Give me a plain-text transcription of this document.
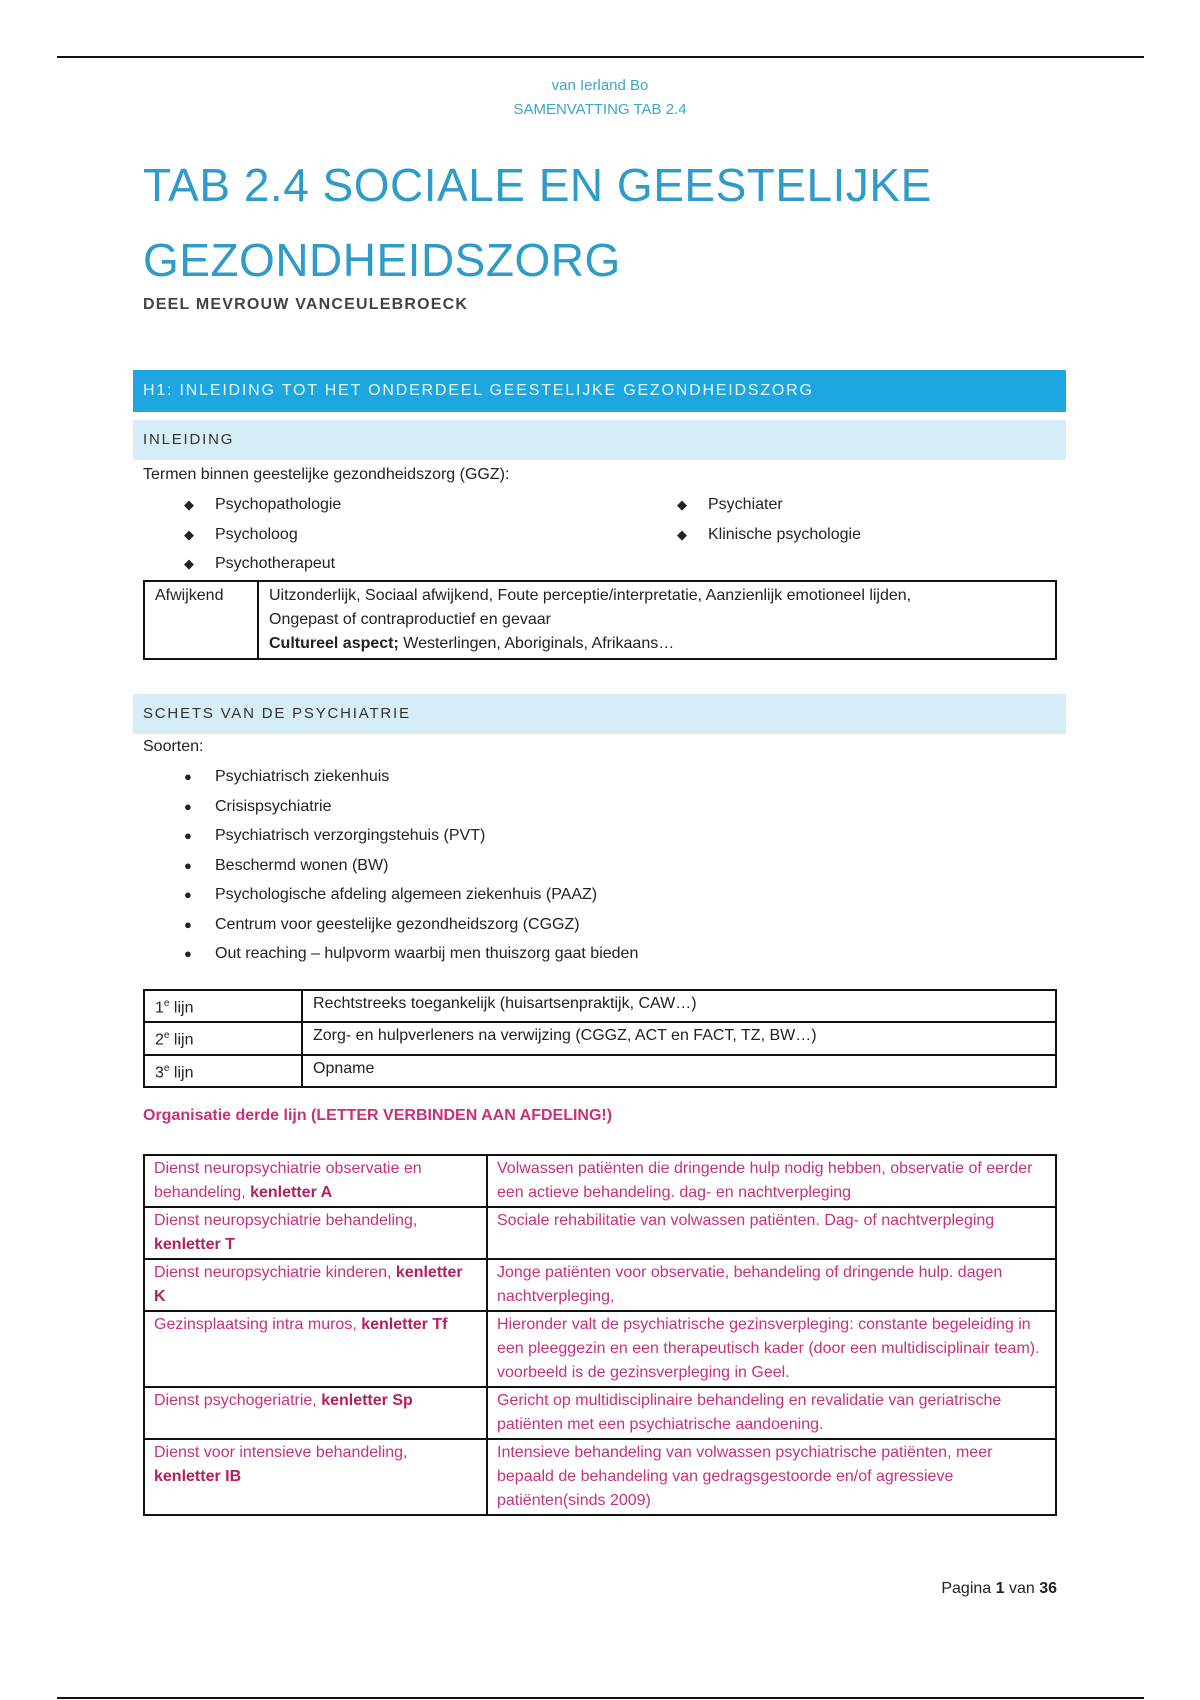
van Ierland Bo
SAMENVATTING TAB 2.4
TAB 2.4 SOCIALE EN GEESTELIJKE
GEZONDHEIDSZORG
DEEL MEVROUW VANCEULEBROECK
H1: INLEIDING TOT HET ONDERDEEL GEESTELIJKE GEZONDHEIDSZORG
INLEIDING
Termen binnen geestelijke gezondheidszorg (GGZ):
◆ Psychopathologie
◆ Psycholoog
◆ Psychotherapeut
◆ Psychiater
◆ Klinische psychologie
Afwijkend	Uitzonderlijk, Sociaal afwijkend, Foute perceptie/interpretatie, Aanzienlijk emotioneel lijden,
Ongepast of contraproductief en gevaar
Cultureel aspect; Westerlingen, Aboriginals, Afrikaans…
SCHETS VAN DE PSYCHIATRIE
Soorten:
● Psychiatrisch ziekenhuis
● Crisispsychiatrie
● Psychiatrisch verzorgingstehuis (PVT)
● Beschermd wonen (BW)
● Psychologische afdeling algemeen ziekenhuis (PAAZ)
● Centrum voor geestelijke gezondheidszorg (CGGZ)
● Out reaching – hulpvorm waarbij men thuiszorg gaat bieden
1e lijn	Rechtstreeks toegankelijk (huisartsenpraktijk, CAW…)
2e lijn	Zorg- en hulpverleners na verwijzing (CGGZ, ACT en FACT, TZ, BW…)
3e lijn	Opname
Organisatie derde lijn (LETTER VERBINDEN AAN AFDELING!)
Dienst neuropsychiatrie observatie en behandeling, kenletter A	Volwassen patiënten die dringende hulp nodig hebben, observatie of eerder een actieve behandeling. dag- en nachtverpleging
Dienst neuropsychiatrie behandeling, kenletter T	Sociale rehabilitatie van volwassen patiënten. Dag- of nachtverpleging
Dienst neuropsychiatrie kinderen, kenletter K	Jonge patiënten voor observatie, behandeling of dringende hulp. dagen nachtverpleging,
Gezinsplaatsing intra muros, kenletter Tf	Hieronder valt de psychiatrische gezinsverpleging: constante begeleiding in een pleeggezin en een therapeutisch kader (door een multidisciplinair team). voorbeeld is de gezinsverpleging in Geel.
Dienst psychogeriatrie, kenletter Sp	Gericht op multidisciplinaire behandeling en revalidatie van geriatrische patiënten met een psychiatrische aandoening.
Dienst voor intensieve behandeling, kenletter IB	Intensieve behandeling van volwassen psychiatrische patiënten, meer bepaald de behandeling van gedragsgestoorde en/of agressieve patiënten(sinds 2009)
Pagina 1 van 36
